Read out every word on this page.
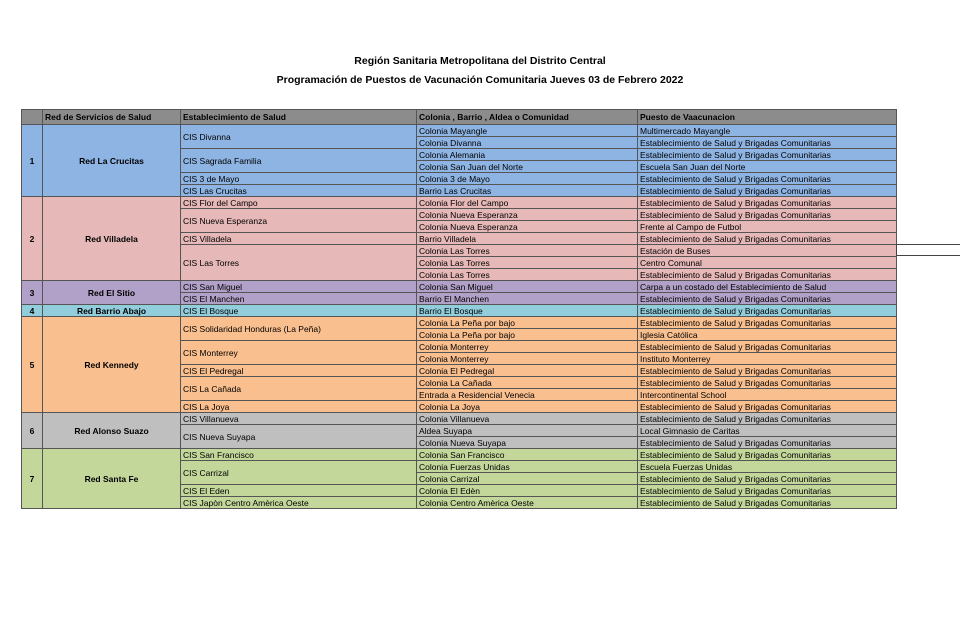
Región Sanitaria Metropolitana del Distrito Central
Programación de Puestos de Vacunación Comunitaria Jueves 03 de Febrero 2022
	Red de Servicios de Salud	Establecimiento de Salud	Colonia , Barrio , Aldea o Comunidad	Puesto de Vaacunacion
1	Red La Crucitas	CIS Divanna	Colonia Mayangle	Multimercado Mayangle
			Colonia Divanna	Establecimiento de Salud y Brigadas Comunitarias
		CIS Sagrada Familia	Colonia Alemania	Establecimiento de Salud y Brigadas Comunitarias
			Colonia San Juan del Norte	Escuela San Juan del Norte
		CIS 3 de Mayo	Colonia 3 de Mayo	Establecimiento de Salud y Brigadas Comunitarias
		CIS Las Crucitas	Barrio Las Crucitas	Establecimiento de Salud y Brigadas Comunitarias
2	Red Villadela	CIS Flor del Campo	Colonia Flor del Campo	Establecimiento de Salud y Brigadas Comunitarias
		CIS Nueva Esperanza	Colonia Nueva Esperanza	Establecimiento de Salud y Brigadas Comunitarias
			Colonia Nueva Esperanza	Frente al Campo de Futbol
		CIS Villadela	Barrio Villadela	Establecimiento de Salud y Brigadas Comunitarias
		CIS Las Torres	Colonia Las Torres	Estación de Buses
			Colonia Las Torres	Centro Comunal
			Colonia Las Torres	Establecimiento de Salud y Brigadas Comunitarias
3	Red El Sitio	CIS San Miguel	Colonia San Miguel	Carpa a un costado del Establecimiento de Salud
		CIS El Manchen	Barrio El Manchen	Establecimiento de Salud y Brigadas Comunitarias
4	Red Barrio Abajo	CIS El Bosque	Barrio El Bosque	Establecimiento de Salud y Brigadas Comunitarias
5	Red Kennedy	CIS Solidaridad Honduras (La Peña)	Colonia La Peña por bajo	Establecimiento de Salud y Brigadas Comunitarias
			Colonia La Peña por bajo	Iglesia Católica
		CIS Monterrey	Colonia Monterrey	Establecimiento de Salud y Brigadas Comunitarias
			Colonia Monterrey	Instituto Monterrey
		CIS El Pedregal	Colonia El Pedregal	Establecimiento de Salud y Brigadas Comunitarias
		CIS La Cañada	Colonia La Cañada	Establecimiento de Salud y Brigadas Comunitarias
			Entrada a Residencial Venecia	Intercontinental School
		CIS La Joya	Colonia La Joya	Establecimiento de Salud y Brigadas Comunitarias
6	Red Alonso Suazo	CIS Villanueva	Colonia Villanueva	Establecimiento de Salud y Brigadas Comunitarias
		CIS Nueva Suyapa	Aldea Suyapa	Local Gimnasio de Caritas
			Colonia Nueva Suyapa	Establecimiento de Salud y Brigadas Comunitarias
7	Red Santa Fe	CIS San Francisco	Colonia San Francisco	Establecimiento de Salud y Brigadas Comunitarias
		CIS Carrizal	Colonia Fuerzas Unidas	Escuela Fuerzas Unidas
			Colonia Carrizal	Establecimiento de Salud y Brigadas Comunitarias
		CIS El Eden	Colonia El Edèn	Establecimiento de Salud y Brigadas Comunitarias
		CIS Japòn Centro Amèrica Oeste	Colonia Centro Amèrica Oeste	Establecimiento de Salud y Brigadas Comunitarias
